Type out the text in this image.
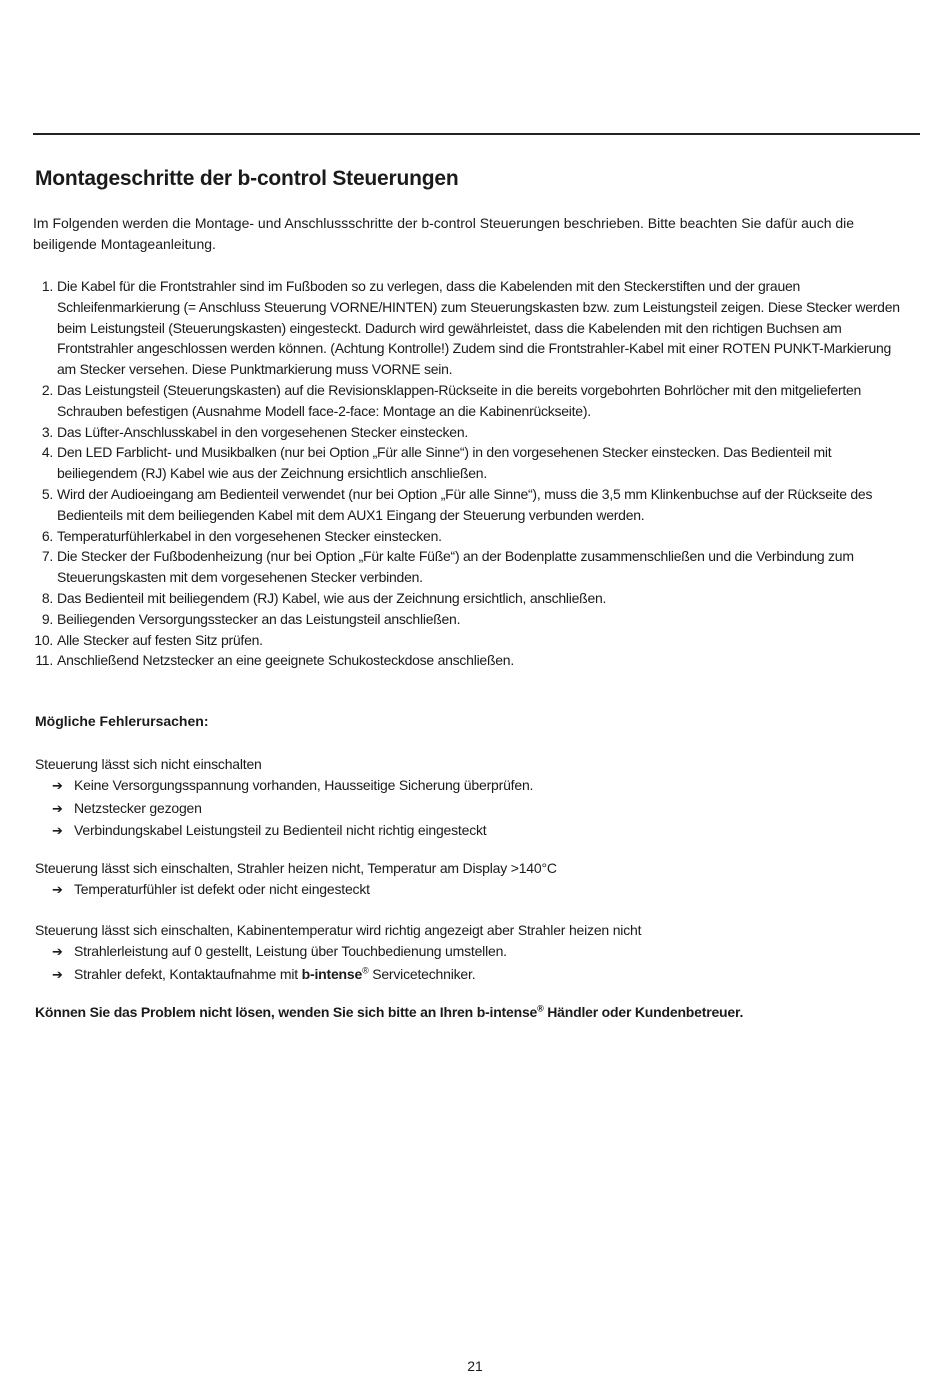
Montageschritte der b-control Steuerungen

Im Folgenden werden die Montage- und Anschlussschritte der b-control Steuerungen beschrieben. Bitte beachten Sie dafür auch die beiligende Montageanleitung.

1. Die Kabel für die Frontstrahler sind im Fußboden so zu verlegen, dass die Kabelenden mit den Steckerstiften und der grauen Schleifenmarkierung (= Anschluss Steuerung VORNE/HINTEN) zum Steuerungskasten bzw. zum Leistungsteil zeigen. Diese Stecker werden beim Leistungsteil (Steuerungskasten) eingesteckt. Dadurch wird gewährleistet, dass die Kabelenden mit den richtigen Buchsen am Frontstrahler angeschlossen werden können. (Achtung Kontrolle!) Zudem sind die Frontstrahler-Kabel mit einer ROTEN PUNKT-Markierung am Stecker versehen. Diese Punktmarkierung muss VORNE sein.
2. Das Leistungsteil (Steuerungskasten) auf die Revisionsklappen-Rückseite in die bereits vorgebohrten Bohrlöcher mit den mitgelieferten Schrauben befestigen (Ausnahme Modell face-2-face: Montage an die Kabinenrückseite).
3. Das Lüfter-Anschlusskabel in den vorgesehenen Stecker einstecken.
4. Den LED Farblicht- und Musikbalken (nur bei Option „Für alle Sinne“) in den vorgesehenen Stecker einstecken. Das Bedienteil mit beiliegendem (RJ) Kabel wie aus der Zeichnung ersichtlich anschließen.
5. Wird der Audioeingang am Bedienteil verwendet (nur bei Option „Für alle Sinne“), muss die 3,5 mm Klinkenbuchse auf der Rückseite des Bedienteils mit dem beiliegenden Kabel mit dem AUX1 Eingang der Steuerung verbunden werden.
6. Temperaturfühlerkabel in den vorgesehenen Stecker einstecken.
7. Die Stecker der Fußbodenheizung (nur bei Option „Für kalte Füße“) an der Bodenplatte zusammenschließen und die Verbindung zum Steuerungskasten mit dem vorgesehenen Stecker verbinden.
8. Das Bedienteil mit beiliegendem (RJ) Kabel, wie aus der Zeichnung ersichtlich, anschließen.
9. Beiliegenden Versorgungsstecker an das Leistungsteil anschließen.
10. Alle Stecker auf festen Sitz prüfen.
11. Anschließend Netzstecker an eine geeignete Schukosteckdose anschließen.
Mögliche Fehlerursachen:
Steuerung lässt sich nicht einschalten
➔ Keine Versorgungsspannung vorhanden, Hausseitige Sicherung überprüfen.
➔ Netzstecker gezogen
➔ Verbindungskabel Leistungsteil zu Bedienteil nicht richtig eingesteckt
Steuerung lässt sich einschalten, Strahler heizen nicht, Temperatur am Display >140°C
➔ Temperaturfühler ist defekt oder nicht eingesteckt
Steuerung lässt sich einschalten, Kabinentemperatur wird richtig angezeigt aber Strahler heizen nicht
➔ Strahlerleistung auf 0 gestellt, Leistung über Touchbedienung umstellen.
➔ Strahler defekt, Kontaktaufnahme mit b-intense® Servicetechniker.

Können Sie das Problem nicht lösen, wenden Sie sich bitte an Ihren b-intense® Händler oder Kundenbetreuer.

21
